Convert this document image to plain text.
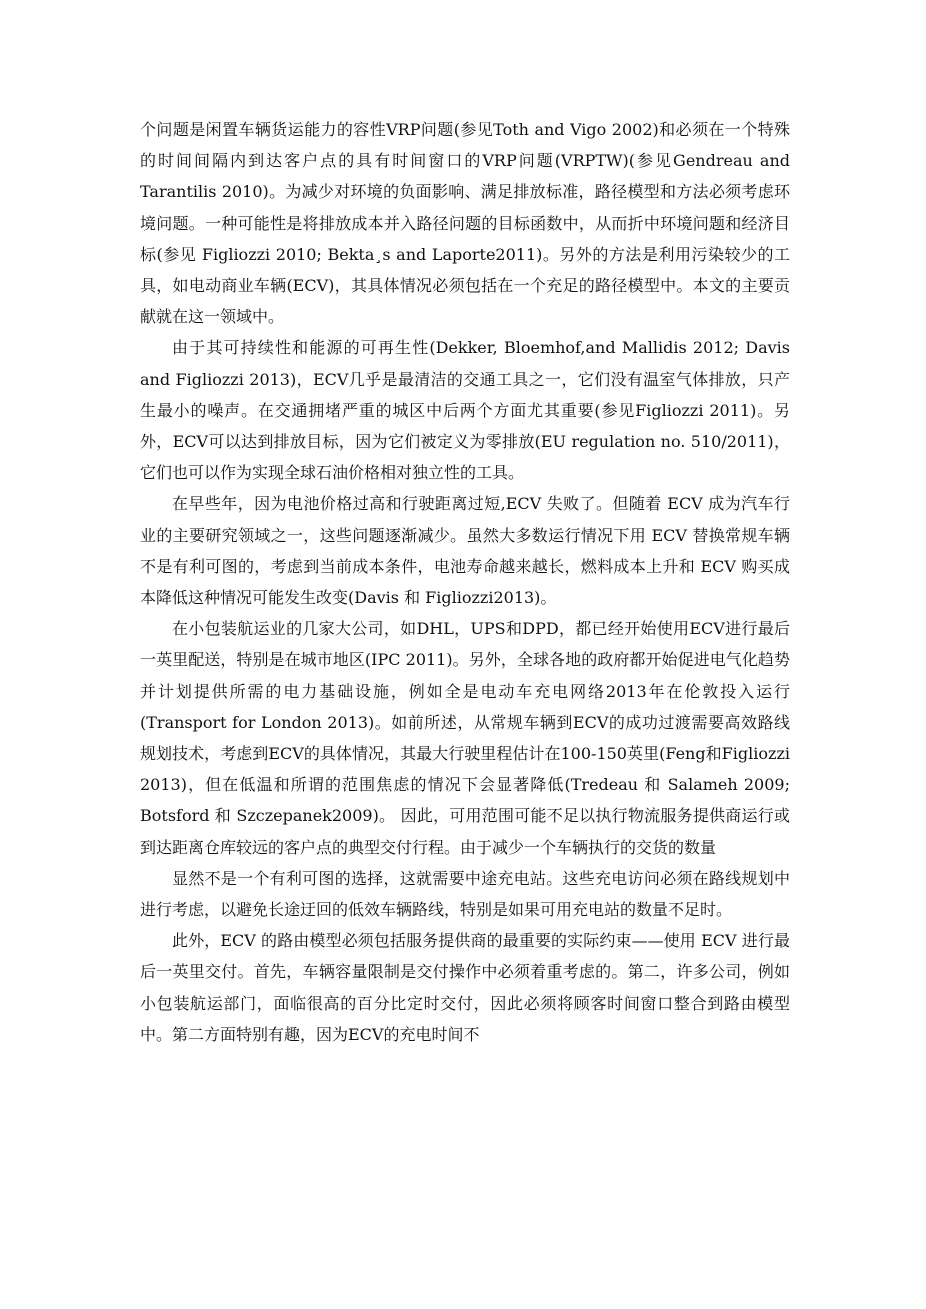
个问题是闲置车辆货运能力的容性VRP问题(参见Toth and Vigo 2002)和必须在一个特殊的时间间隔内到达客户点的具有时间窗口的VRP问题(VRPTW)(参见Gendreau and Tarantilis 2010)。为减少对环境的负面影响、满足排放标准，路径模型和方法必须考虑环境问题。一种可能性是将排放成本并入路径问题的目标函数中，从而折中环境问题和经济目标(参见 Figliozzi 2010; Bekta¸s and Laporte2011)。另外的方法是利用污染较少的工具，如电动商业车辆(ECV)，其具体情况必须包括在一个充足的路径模型中。本文的主要贡献就在这一领域中。

由于其可持续性和能源的可再生性(Dekker, Bloemhof,and Mallidis 2012; Davis and Figliozzi 2013)，ECV几乎是最清洁的交通工具之一，它们没有温室气体排放，只产生最小的噪声。在交通拥堵严重的城区中后两个方面尤其重要(参见Figliozzi 2011)。另外，ECV可以达到排放目标，因为它们被定义为零排放(EU regulation no. 510/2011)，它们也可以作为实现全球石油价格相对独立性的工具。

在早些年，因为电池价格过高和行驶距离过短,ECV 失败了。但随着 ECV 成为汽车行业的主要研究领域之一，这些问题逐渐减少。虽然大多数运行情况下用 ECV 替换常规车辆不是有利可图的，考虑到当前成本条件，电池寿命越来越长，燃料成本上升和 ECV 购买成本降低这种情况可能发生改变(Davis 和 Figliozzi2013)。

在小包装航运业的几家大公司，如DHL，UPS和DPD，都已经开始使用ECV进行最后一英里配送，特别是在城市地区(IPC 2011)。另外，全球各地的政府都开始促进电气化趋势并计划提供所需的电力基础设施，例如全是电动车充电网络2013年在伦敦投入运行(Transport for London 2013)。如前所述，从常规车辆到ECV的成功过渡需要高效路线规划技术，考虑到ECV的具体情况，其最大行驶里程估计在100-150英里(Feng和Figliozzi 2013)，但在低温和所谓的范围焦虑的情况下会显著降低(Tredeau 和 Salameh 2009; Botsford 和 Szczepanek2009)。 因此，可用范围可能不足以执行物流服务提供商运行或到达距离仓库较远的客户点的典型交付行程。由于减少一个车辆执行的交货的数量

显然不是一个有利可图的选择，这就需要中途充电站。这些充电访问必须在路线规划中进行考虑，以避免长途迂回的低效车辆路线，特别是如果可用充电站的数量不足时。

此外，ECV 的路由模型必须包括服务提供商的最重要的实际约束——使用 ECV 进行最后一英里交付。首先，车辆容量限制是交付操作中必须着重考虑的。第二，许多公司，例如小包装航运部门，面临很高的百分比定时交付，因此必须将顾客时间窗口整合到路由模型中。第二方面特别有趣，因为ECV的充电时间不
